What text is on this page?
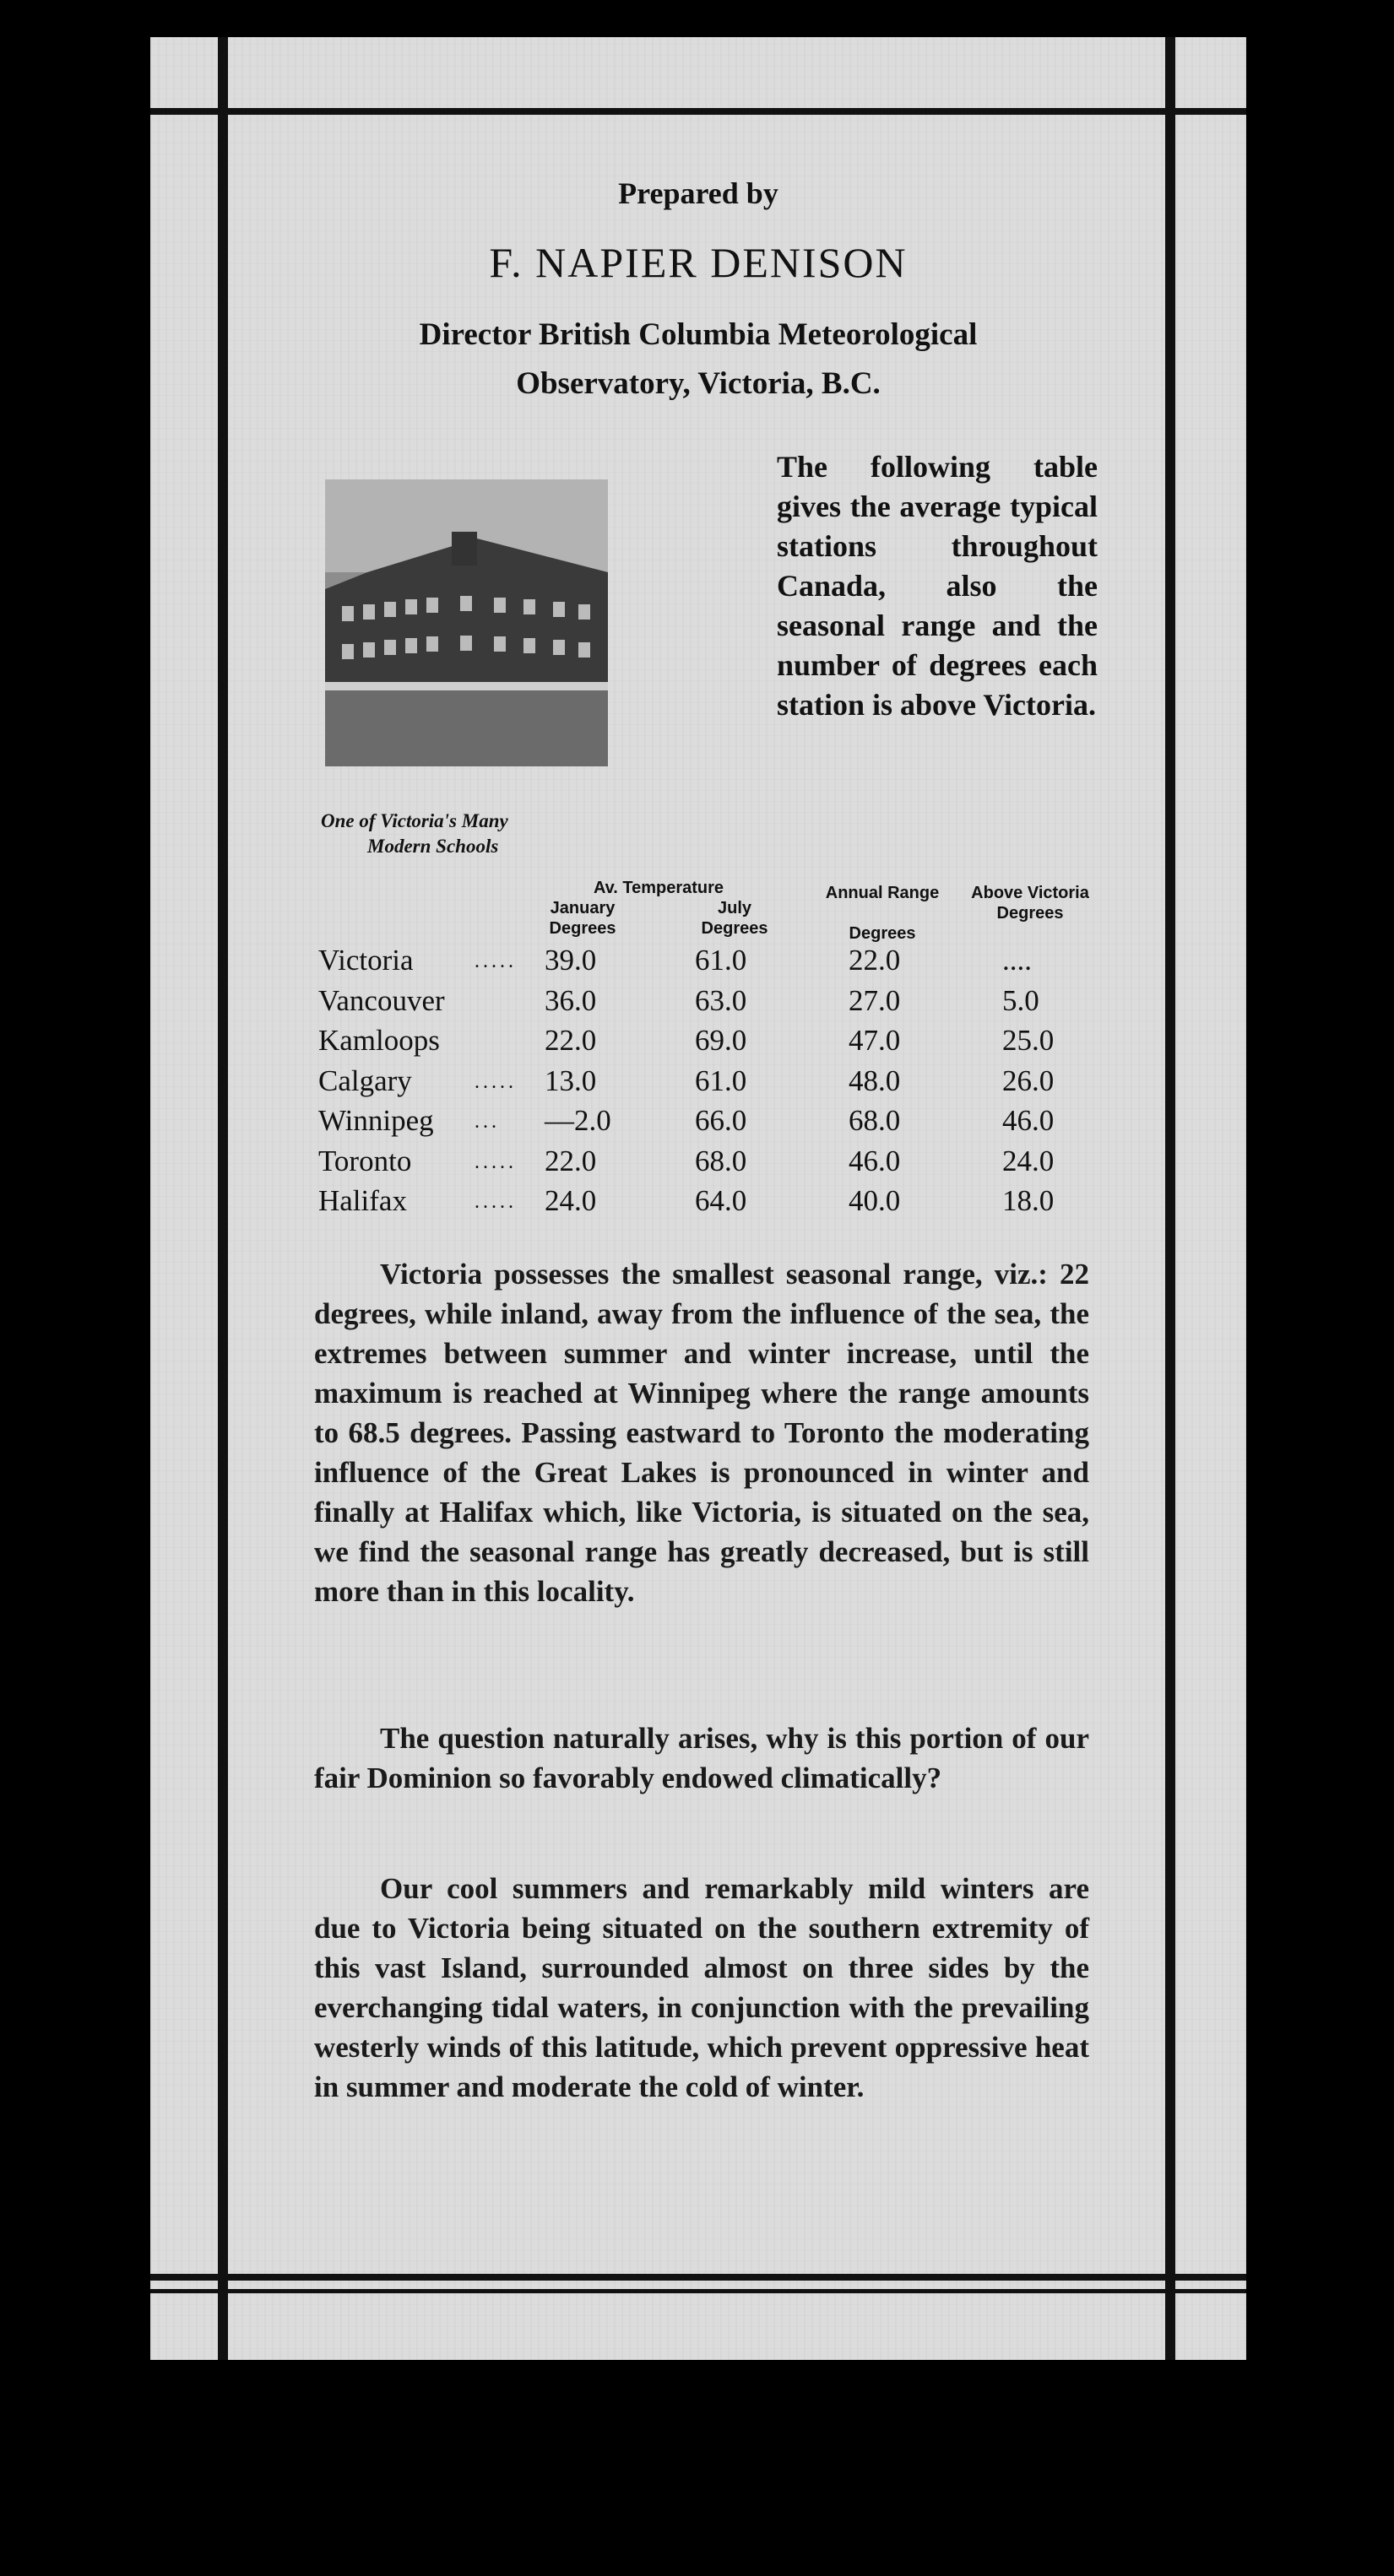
Prepared by
F. NAPIER DENISON
Director British Columbia Meteorological
Observatory, Victoria, B.C.
One of Victoria's Many
Modern Schools
The following table gives the average typical stations throughout Canada, also the seasonal range and the number of degrees each station is above Victoria.
Av. Temperature
January
Degrees
July
Degrees
Annual Range
Degrees
Above Victoria
Degrees
Victoria	..... 39.0	61.0	22.0	....
Vancouver	36.0	63.0	27.0	5.0
Kamloops	22.0	69.0	47.0	25.0
Calgary	..... 13.0	61.0	48.0	26.0
Winnipeg ... —2.0	66.0	68.0	46.0
Toronto	..... 22.0	68.0	46.0	24.0
Halifax	..... 24.0	64.0	40.0	18.0
Victoria possesses the smallest seasonal range, viz.: 22 degrees, while inland, away from the influence of the sea, the extremes between summer and winter increase, until the maximum is reached at Winnipeg where the range amounts to 68.5 degrees. Passing eastward to Toronto the moderating influence of the Great Lakes is pronounced in winter and finally at Halifax which, like Victoria, is situated on the sea, we find the seasonal range has greatly decreased, but is still more than in this locality.
The question naturally arises, why is this portion of our fair Dominion so favorably endowed climatically?
Our cool summers and remarkably mild winters are due to Victoria being situated on the southern extremity of this vast Island, surrounded almost on three sides by the everchanging tidal waters, in conjunction with the prevailing westerly winds of this latitude, which prevent oppressive heat in summer and moderate the cold of winter.
